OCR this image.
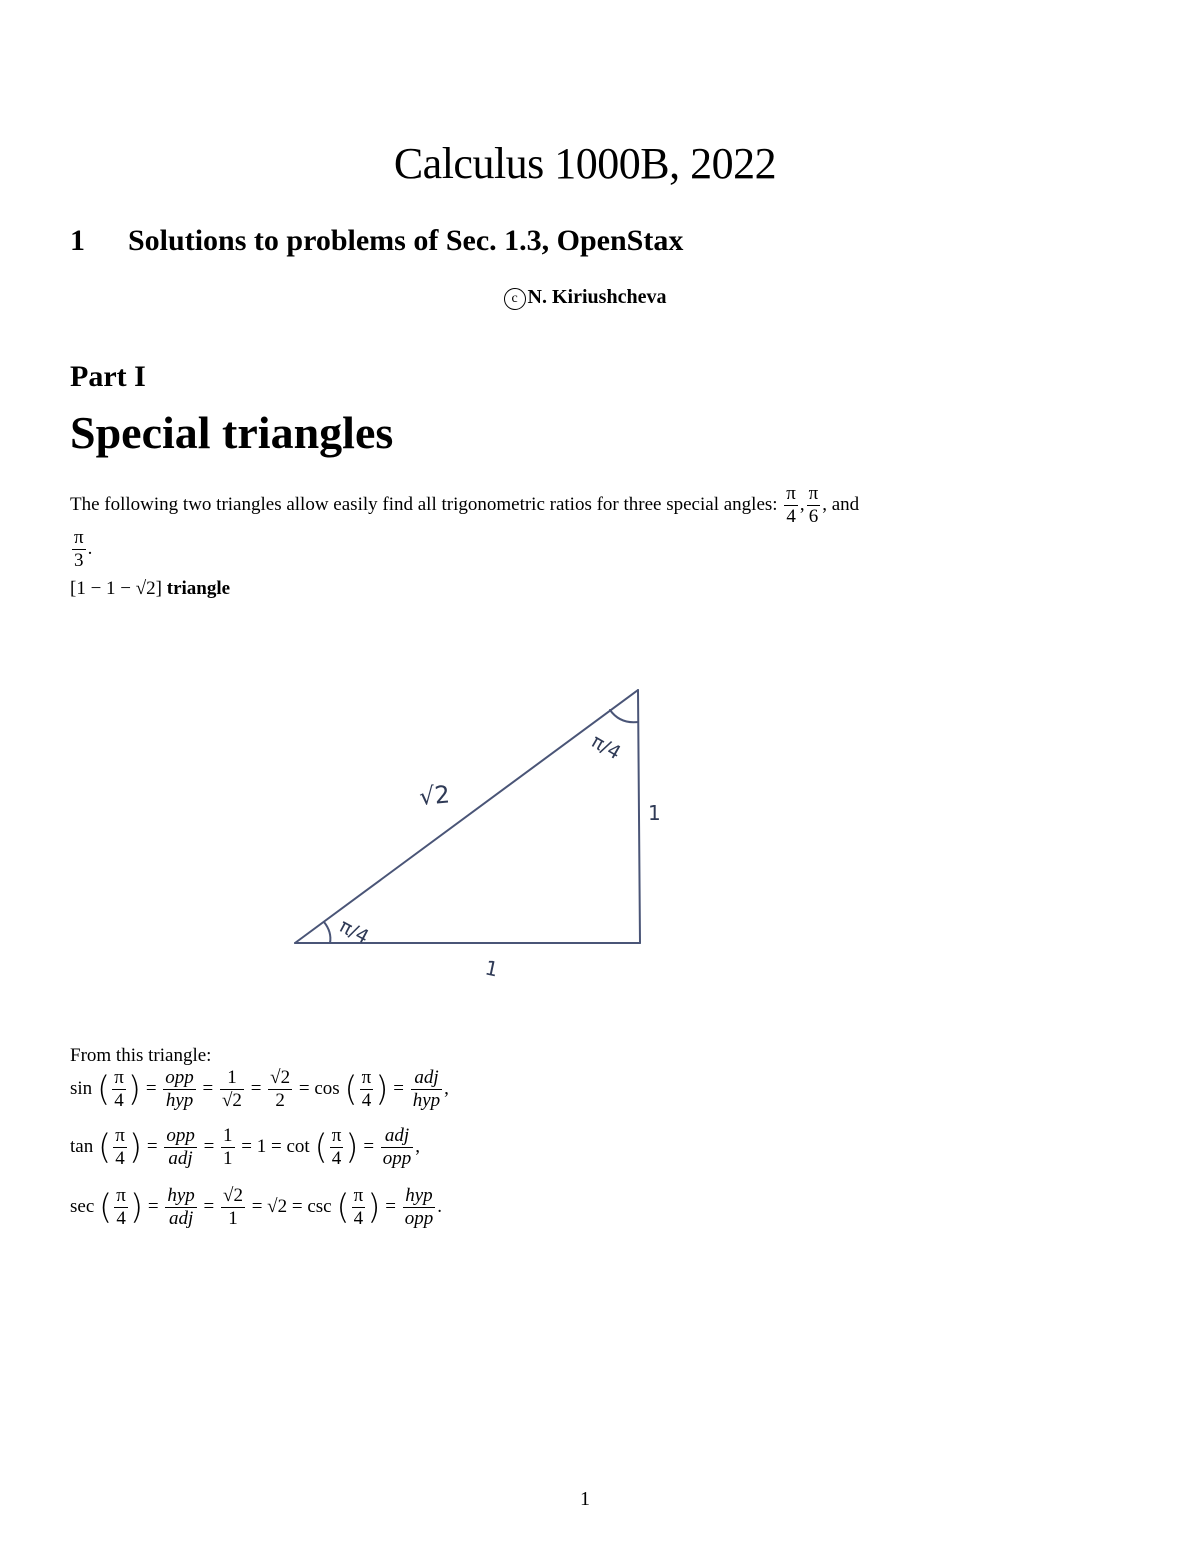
Calculus 1000B, 2022
1 Solutions to problems of Sec. 1.3, OpenStax
c N. Kiriushcheva
Part I
Special triangles
The following two triangles allow easily find all trigonometric ratios for three special angles: $\frac{\pi}{4}$ , $\frac{\pi}{6}$ , and
$\frac{\pi}{3}$ .
[1 − 1 − √2] triangle
√2
π/4
π/4
1
1
From this triangle:
sin ( $\frac{\pi}{4}$ ) = $\frac{\text{opp}}{\text{hyp}} = \frac{1}{√2} = \frac{√2}{2} = \cos$ ( $\frac{\pi}{4}$ ) = $\frac{\text{adj}}{\text{hyp}}$ ,
tan ( $\frac{\pi}{4}$ ) = $\frac{\text{opp}}{\text{adj}} = \frac{1}{1} = 1 = \cot$ ( $\frac{\pi}{4}$ ) = $\frac{\text{adj}}{\text{opp}}$ ,
sec ( $\frac{\pi}{4}$ ) = $\frac{\text{hyp}}{\text{adj}} = \frac{√2}{1} = √2 = \csc$ ( $\frac{\pi}{4}$ ) = $\frac{\text{hyp}}{\text{opp}}$ .
1
